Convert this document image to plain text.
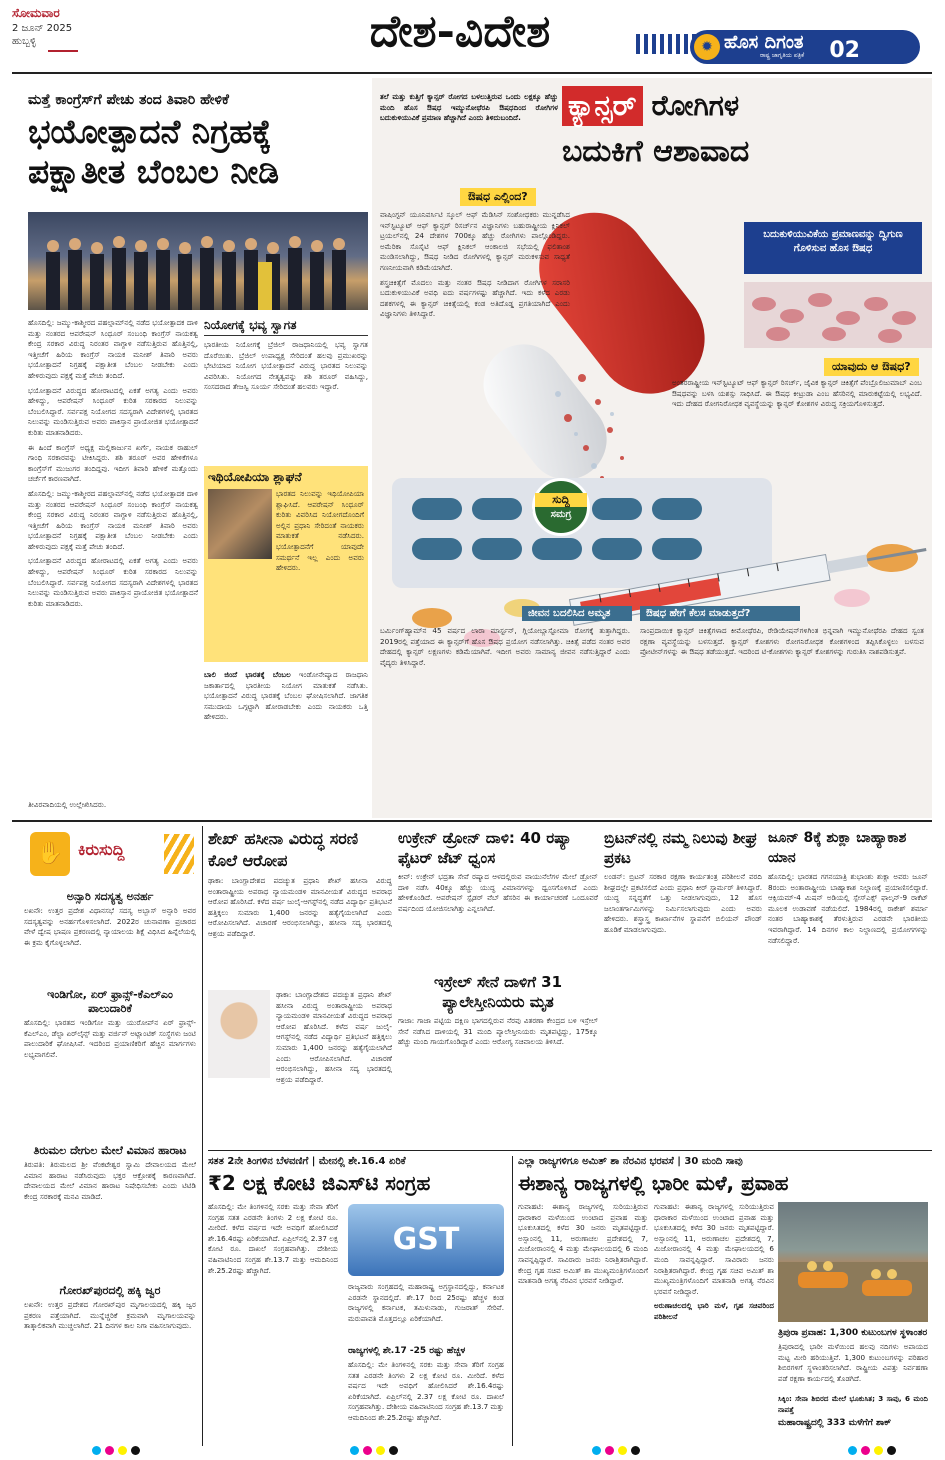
ಸೋಮವಾರ
2 ಜೂನ್ 2025
ಹುಬ್ಬಳ್ಳಿ	ದೇಶ-ವಿದೇಶ	✹ ಹೊಸ ದಿಗಂತ
ರಾಷ್ಟ್ರ ಜಾಗೃತಿಯ ಪತ್ರಿಕೆ 02
ಮತ್ತೆ ಕಾಂಗ್ರೆಸ್‌ಗೆ ಪೇಚು ತಂದ ತಿವಾರಿ ಹೇಳಿಕೆ
ಭಯೋತ್ಪಾದನೆ ನಿಗ್ರಹಕ್ಕೆ
ಪಕ್ಷಾತೀತ ಬೆಂಬಲ ನೀಡಿ

ಹೊಸದಿಲ್ಲಿ: ಜಮ್ಮು-ಕಾಶ್ಮೀರದ ಪಹಲ್ಗಾಮ್‌ನಲ್ಲಿ ನಡೆದ ಭಯೋತ್ಪಾದಕ ದಾಳಿ ಮತ್ತು ನಂತರದ ಆಪರೇಷನ್ ಸಿಂಧೂರ್ ಸಂಬಂಧಿ ಕಾಂಗ್ರೆಸ್ ನಾಯಕತ್ವ ಕೇಂದ್ರ ಸರಕಾರ ವಿರುದ್ಧ ನಿರಂತರ ವಾಗ್ದಾಳಿ ನಡೆಸುತ್ತಿರುವ ಹೊತ್ತಿನಲ್ಲಿ, ಇತ್ತೀಚೆಗೆ ಹಿರಿಯ ಕಾಂಗ್ರೆಸ್ ನಾಯಕ ಮನೀಶ್ ತಿವಾರಿ ಅವರು ಭಯೋತ್ಪಾದನೆ ನಿಗ್ರಹಕ್ಕೆ ಪಕ್ಷಾತೀತ ಬೆಂಬಲ ನೀಡಬೇಕು ಎಂದು ಹೇಳಿರುವುದು ಪಕ್ಷಕ್ಕೆ ಮತ್ತೆ ಪೇಚು ತಂದಿದೆ.

ಭಯೋತ್ಪಾದನೆ ವಿರುದ್ಧದ ಹೋರಾಟದಲ್ಲಿ ಏಕತೆ ಅಗತ್ಯ ಎಂದು ಅವರು ಹೇಳಿದ್ದು, ಆಪರೇಷನ್ ಸಿಂಧೂರ್ ಕುರಿತ ಸರಕಾರದ ನಿಲುವನ್ನು ಬೆಂಬಲಿಸಿದ್ದಾರೆ. ಸರ್ವಪಕ್ಷ ನಿಯೋಗದ ಸದಸ್ಯರಾಗಿ ವಿದೇಶಗಳಲ್ಲಿ ಭಾರತದ ನಿಲುವನ್ನು ಮಂಡಿಸುತ್ತಿರುವ ಅವರು ಪಾಕಿಸ್ತಾನ ಪ್ರಾಯೋಜಿತ ಭಯೋತ್ಪಾದನೆ ಕುರಿತು ಮಾತನಾಡಿದರು.

ಈ ಹಿಂದೆ ಕಾಂಗ್ರೆಸ್ ಅಧ್ಯಕ್ಷ ಮಲ್ಲಿಕಾರ್ಜುನ ಖರ್ಗೆ, ನಾಯಕ ರಾಹುಲ್ ಗಾಂಧಿ ಸರಕಾರವನ್ನು ಟೀಕಿಸಿದ್ದರು. ಶಶಿ ತರೂರ್ ಅವರ ಹೇಳಿಕೆಗಳೂ ಕಾಂಗ್ರೆಸ್‌ಗೆ ಮುಜುಗರ ತಂದಿದ್ದವು. ಇದೀಗ ತಿವಾರಿ ಹೇಳಿಕೆ ಮತ್ತೊಂದು ಚರ್ಚೆಗೆ ಕಾರಣವಾಗಿದೆ.

ಹೊಸದಿಲ್ಲಿ: ಜಮ್ಮು-ಕಾಶ್ಮೀರದ ಪಹಲ್ಗಾಮ್‌ನಲ್ಲಿ ನಡೆದ ಭಯೋತ್ಪಾದಕ ದಾಳಿ ಮತ್ತು ನಂತರದ ಆಪರೇಷನ್ ಸಿಂಧೂರ್ ಸಂಬಂಧಿ ಕಾಂಗ್ರೆಸ್ ನಾಯಕತ್ವ ಕೇಂದ್ರ ಸರಕಾರ ವಿರುದ್ಧ ನಿರಂತರ ವಾಗ್ದಾಳಿ ನಡೆಸುತ್ತಿರುವ ಹೊತ್ತಿನಲ್ಲಿ, ಇತ್ತೀಚೆಗೆ ಹಿರಿಯ ಕಾಂಗ್ರೆಸ್ ನಾಯಕ ಮನೀಶ್ ತಿವಾರಿ ಅವರು ಭಯೋತ್ಪಾದನೆ ನಿಗ್ರಹಕ್ಕೆ ಪಕ್ಷಾತೀತ ಬೆಂಬಲ ನೀಡಬೇಕು ಎಂದು ಹೇಳಿರುವುದು ಪಕ್ಷಕ್ಕೆ ಮತ್ತೆ ಪೇಚು ತಂದಿದೆ.

ಭಯೋತ್ಪಾದನೆ ವಿರುದ್ಧದ ಹೋರಾಟದಲ್ಲಿ ಏಕತೆ ಅಗತ್ಯ ಎಂದು ಅವರು ಹೇಳಿದ್ದು, ಆಪರೇಷನ್ ಸಿಂಧೂರ್ ಕುರಿತ ಸರಕಾರದ ನಿಲುವನ್ನು ಬೆಂಬಲಿಸಿದ್ದಾರೆ. ಸರ್ವಪಕ್ಷ ನಿಯೋಗದ ಸದಸ್ಯರಾಗಿ ವಿದೇಶಗಳಲ್ಲಿ ಭಾರತದ ನಿಲುವನ್ನು ಮಂಡಿಸುತ್ತಿರುವ ಅವರು ಪಾಕಿಸ್ತಾನ ಪ್ರಾಯೋಜಿತ ಭಯೋತ್ಪಾದನೆ ಕುರಿತು ಮಾತನಾಡಿದರು.

ನಿಯೋಗಕ್ಕೆ ಭವ್ಯ ಸ್ವಾಗತ
ಭಾರತೀಯ ನಿಯೋಗಕ್ಕೆ ಬ್ರೆಜಿಲ್ ರಾಜಧಾನಿಯಲ್ಲಿ ಭವ್ಯ ಸ್ವಾಗತ ದೊರೆಯಿತು. ಬ್ರೆಜಿಲ್ ಉಪಾಧ್ಯಕ್ಷ ಸೇರಿದಂತೆ ಹಲವು ಪ್ರಮುಖರನ್ನು ಭೇಟಿಯಾದ ನಿಯೋಗ ಭಯೋತ್ಪಾದನೆ ವಿರುದ್ಧ ಭಾರತದ ನಿಲುವನ್ನು ವಿವರಿಸಿತು. ನಿಯೋಗದ ನೇತೃತ್ವವನ್ನು ಶಶಿ ತರೂರ್ ವಹಿಸಿದ್ದು, ಸಂಸದರಾದ ತೇಜಸ್ವಿ ಸೂರ್ಯ ಸೇರಿದಂತೆ ಹಲವರು ಇದ್ದಾರೆ.
ಇಥಿಯೋಪಿಯಾ ಶ್ಲಾಘನೆ
ಭಾರತದ ನಿಲುವನ್ನು ಇಥಿಯೋಪಿಯಾ ಶ್ಲಾಘಿಸಿದೆ. ಆಪರೇಷನ್ ಸಿಂಧೂರ್ ಕುರಿತು ವಿವರಿಸಿದ ನಿಯೋಗದೊಂದಿಗೆ ಅಲ್ಲಿನ ಪ್ರಧಾನಿ ಸೇರಿದಂತೆ ನಾಯಕರು ಮಾತುಕತೆ ನಡೆಸಿದರು. ಭಯೋತ್ಪಾದನೆಗೆ ಯಾವುದೇ ಸಮರ್ಥನೆ ಇಲ್ಲ ಎಂದು ಅವರು ಹೇಳಿದರು.
ಬಾಲಿ ಜಿಂದೆ ಭಾರತಕ್ಕೆ ಬೆಂಬಲ ಇಂಡೋನೇಷ್ಯಾದ ರಾಜಧಾನಿ ಜಕಾರ್ತಾದಲ್ಲಿ ಭಾರತೀಯ ನಿಯೋಗ ಮಾತುಕತೆ ನಡೆಸಿತು. ಭಯೋತ್ಪಾದನೆ ವಿರುದ್ಧ ಭಾರತಕ್ಕೆ ಬೆಂಬಲ ಘೋಷಿಸಲಾಗಿದೆ. ಜಾಗತಿಕ ಸಮುದಾಯ ಒಗ್ಗಟ್ಟಾಗಿ ಹೋರಾಡಬೇಕು ಎಂದು ನಾಯಕರು ಒತ್ತಿ ಹೇಳಿದರು.
ತೀವಿರವಾದಿಯಲ್ಲಿ ಉಲ್ಲೇಖಿಸಿದರು.
ತಲೆ ಮತ್ತು ಕುತ್ತಿಗೆ ಕ್ಯಾನ್ಸರ್ ರೋಗದ ಬಳಲುತ್ತಿರುವ ಒಂದು ಲಕ್ಷಕ್ಕೂ ಹೆಚ್ಚು ಮಂದಿ ಹೊಸ ಔಷಧ ಇಮ್ಯುನೋಥೆರಪಿ ಔಷಧದಿಂದ ರೋಗಿಗಳ ಬದುಕುಳಿಯುವಿಕೆ ಪ್ರಮಾಣ ಹೆಚ್ಚಾಗಿದೆ ಎಂದು ತಿಳಿದುಬಂದಿದೆ.	ಕ್ಯಾನ್ಸರ್ ರೋಗಿಗಳ
ಬದುಕಿಗೆ ಆಶಾವಾದ
ಔಷಧ ಎಲ್ಲಿಂದ?

ವಾಷಿಂಗ್ಟನ್ ಯೂನಿವರ್ಸಿಟಿ ಸ್ಕೂಲ್ ಆಫ್ ಮೆಡಿಸಿನ್ ಸಂಶೋಧಕರು ಮುನ್ನಡೆಸಿದ ಇನ್‌ಸ್ಟಿಟ್ಯೂಟ್ ಆಫ್ ಕ್ಯಾನ್ಸರ್ ರಿಸರ್ಚ್‌ನ ವಿಜ್ಞಾನಿಗಳು ಬಹುರಾಷ್ಟ್ರೀಯ ಕ್ಲಿನಿಕಲ್ ಟ್ರಯಲ್‌ನಲ್ಲಿ 24 ದೇಶಗಳ 700ಕ್ಕೂ ಹೆಚ್ಚು ರೋಗಿಗಳು ಪಾಲ್ಗೊಂಡಿದ್ದರು. ಅಮೆರಿಕಾ ಸೊಸೈಟಿ ಆಫ್ ಕ್ಲಿನಿಕಲ್ ಆಂಕಾಲಜಿ ಸಭೆಯಲ್ಲಿ ಫಲಿತಾಂಶ ಮಂಡಿಸಲಾಗಿದ್ದು, ಔಷಧ ನೀಡಿದ ರೋಗಿಗಳಲ್ಲಿ ಕ್ಯಾನ್ಸರ್ ಮರುಕಳಿಸುವ ಸಾಧ್ಯತೆ ಗಣನೀಯವಾಗಿ ಕಡಿಮೆಯಾಗಿದೆ.

ಶಸ್ತ್ರಚಿಕಿತ್ಸೆಗೆ ಮೊದಲು ಮತ್ತು ನಂತರ ಔಷಧ ನೀಡಿದಾಗ ರೋಗಿಗಳ ಸರಾಸರಿ ಬದುಕುಳಿಯುವಿಕೆ ಅವಧಿ ಐದು ವರ್ಷಗಳಷ್ಟು ಹೆಚ್ಚಾಗಿದೆ. ಇದು ಕಳೆದ ಎರಡು ದಶಕಗಳಲ್ಲಿ ಈ ಕ್ಯಾನ್ಸರ್ ಚಿಕಿತ್ಸೆಯಲ್ಲಿ ಕಂಡ ಅತಿದೊಡ್ಡ ಪ್ರಗತಿಯಾಗಿದೆ ಎಂದು ವಿಜ್ಞಾನಿಗಳು ತಿಳಿಸಿದ್ದಾರೆ.

ಬದುಕುಳಿಯುವಿಕೆಯ ಪ್ರಮಾಣವನ್ನು ದ್ವಿಗುಣ ಗೊಳಿಸುವ ಹೊಸ ಔಷಧ
ಯಾವುದು ಆ ಔಷಧ?
ಅಂತರರಾಷ್ಟ್ರೀಯ ಇನ್‌ಸ್ಟಿಟ್ಯೂಟ್ ಆಫ್ ಕ್ಯಾನ್ಸರ್ ರಿಸರ್ಚ್, ಜೈವಿಕ ಕ್ಯಾನ್ಸರ್ ಚಿಕಿತ್ಸೆಗೆ ಪೆಂಬ್ರೊಲಿಜುಮಾಬ್ ಎಂಬ ಔಷಧವನ್ನು ಬಳಸಿ ಯಶಸ್ಸು ಸಾಧಿಸಿದೆ. ಈ ಔಷಧ ಕೀಟ್ರುಡಾ ಎಂಬ ಹೆಸರಿನಲ್ಲಿ ಮಾರುಕಟ್ಟೆಯಲ್ಲಿ ಲಭ್ಯವಿದೆ. ಇದು ದೇಹದ ರೋಗನಿರೋಧಕ ವ್ಯವಸ್ಥೆಯನ್ನು ಕ್ಯಾನ್ಸರ್ ಕೋಶಗಳ ವಿರುದ್ಧ ಸಕ್ರಿಯಗೊಳಿಸುತ್ತದೆ.
ಸುದ್ದಿ
ಸಮಗ್ರ
ಜೀವನ ಬದಲಿಸಿದ ಅಮೃತ	ಔಷಧ ಹೇಗೆ ಕೆಲಸ ಮಾಡುತ್ತದೆ?
ಬರ್ಮಿಂಗ್‌ಹ್ಯಾಮ್‌ನ 45 ವರ್ಷದ ಲಾರಾ ಮಾರ್ಸ್ಟನ್, ಗ್ಲಿಯೋಬ್ಲಾಸ್ಟೋಮಾ ರೋಗಕ್ಕೆ ತುತ್ತಾಗಿದ್ದರು. 2019ರಲ್ಲಿ ಪತ್ತೆಯಾದ ಈ ಕ್ಯಾನ್ಸರ್‌ಗೆ ಹೊಸ ಔಷಧ ಪ್ರಯೋಗ ನಡೆಸಲಾಗಿತ್ತು. ಚಿಕಿತ್ಸೆ ಪಡೆದ ನಂತರ ಅವರ ದೇಹದಲ್ಲಿ ಕ್ಯಾನ್ಸರ್ ಲಕ್ಷಣಗಳು ಕಡಿಮೆಯಾಗಿವೆ. ಇದೀಗ ಅವರು ಸಾಮಾನ್ಯ ಜೀವನ ನಡೆಸುತ್ತಿದ್ದಾರೆ ಎಂದು ವೈದ್ಯರು ತಿಳಿಸಿದ್ದಾರೆ.
ಸಾಂಪ್ರದಾಯಿಕ ಕ್ಯಾನ್ಸರ್ ಚಿಕಿತ್ಸೆಗಳಾದ ಕೀಮೋಥೆರಪಿ, ರೇಡಿಯೇಷನ್‌ಗಳಿಗಿಂತ ಭಿನ್ನವಾಗಿ ಇಮ್ಯುನೋಥೆರಪಿ ದೇಹದ ಸ್ವಂತ ರಕ್ಷಣಾ ವ್ಯವಸ್ಥೆಯನ್ನು ಬಳಸುತ್ತದೆ. ಕ್ಯಾನ್ಸರ್ ಕೋಶಗಳು ರೋಗನಿರೋಧಕ ಕೋಶಗಳಿಂದ ತಪ್ಪಿಸಿಕೊಳ್ಳಲು ಬಳಸುವ ಪ್ರೋಟೀನ್‌ಗಳನ್ನು ಈ ಔಷಧ ತಡೆಯುತ್ತದೆ. ಇದರಿಂದ ಟಿ-ಕೋಶಗಳು ಕ್ಯಾನ್ಸರ್ ಕೋಶಗಳನ್ನು ಗುರುತಿಸಿ ನಾಶಪಡಿಸುತ್ತವೆ.
✋ ಕಿರುಸುದ್ದಿ
ಅನ್ಸಾರಿ ಸದಸ್ಯತ್ವ ಅನರ್ಹ
ಲಖನೌ: ಉತ್ತರ ಪ್ರದೇಶ ವಿಧಾನಸಭೆ ಸದಸ್ಯ ಅಬ್ಬಾಸ್ ಅನ್ಸಾರಿ ಅವರ ಸದಸ್ಯತ್ವವನ್ನು ಅನರ್ಹಗೊಳಿಸಲಾಗಿದೆ. 2022ರ ಚುನಾವಣಾ ಪ್ರಚಾರದ ವೇಳೆ ದ್ವೇಷ ಭಾಷಣ ಪ್ರಕರಣದಲ್ಲಿ ನ್ಯಾಯಾಲಯ ಶಿಕ್ಷೆ ವಿಧಿಸಿದ ಹಿನ್ನೆಲೆಯಲ್ಲಿ ಈ ಕ್ರಮ ಕೈಗೊಳ್ಳಲಾಗಿದೆ.
ಇಂಡಿಗೋ, ಏರ್ ಫ್ರಾನ್ಸ್-ಕೆಎಲ್‌ಎಂ ಪಾಲುದಾರಿಕೆ
ಹೊಸದಿಲ್ಲಿ: ಭಾರತದ ಇಂಡಿಗೋ ಮತ್ತು ಯುರೋಪ್‌ನ ಏರ್ ಫ್ರಾನ್ಸ್-ಕೆಎಲ್‌ಎಂ, ಡೆಲ್ಟಾ ಏರ್‌ಲೈನ್ಸ್ ಮತ್ತು ವರ್ಜಿನ್ ಅಟ್ಲಾಂಟಿಕ್ ಸಂಸ್ಥೆಗಳು ಜಂಟಿ ಪಾಲುದಾರಿಕೆ ಘೋಷಿಸಿವೆ. ಇದರಿಂದ ಪ್ರಯಾಣಿಕರಿಗೆ ಹೆಚ್ಚಿನ ಮಾರ್ಗಗಳು ಲಭ್ಯವಾಗಲಿವೆ.
ತಿರುಮಲ ದೇಗುಲ ಮೇಲೆ ವಿಮಾನ ಹಾರಾಟ
ತಿರುಪತಿ: ತಿರುಮಲದ ಶ್ರೀ ವೆಂಕಟೇಶ್ವರ ಸ್ವಾಮಿ ದೇವಾಲಯದ ಮೇಲೆ ವಿಮಾನ ಹಾರಾಟ ನಡೆಸಿರುವುದು ಭಕ್ತರ ಆಕ್ರೋಶಕ್ಕೆ ಕಾರಣವಾಗಿದೆ. ದೇವಾಲಯದ ಮೇಲೆ ವಿಮಾನ ಹಾರಾಟ ನಿಷೇಧಿಸಬೇಕು ಎಂದು ಟಿಟಿಡಿ ಕೇಂದ್ರ ಸರಕಾರಕ್ಕೆ ಮನವಿ ಮಾಡಿದೆ.
ಗೋರಖ್‌ಪುರದಲ್ಲಿ ಹಕ್ಕಿ ಜ್ವರ
ಲಖನೌ: ಉತ್ತರ ಪ್ರದೇಶದ ಗೋರಖ್‌ಪುರ ಮೃಗಾಲಯದಲ್ಲಿ ಹಕ್ಕಿ ಜ್ವರ ಪ್ರಕರಣ ಪತ್ತೆಯಾಗಿದೆ. ಮುನ್ನೆಚ್ಚರಿಕೆ ಕ್ರಮವಾಗಿ ಮೃಗಾಲಯವನ್ನು ತಾತ್ಕಾಲಿಕವಾಗಿ ಮುಚ್ಚಲಾಗಿದೆ. 21 ದಿನಗಳ ಕಾಲ ನಿಗಾ ವಹಿಸಲಾಗುವುದು.
ಶೇಖ್ ಹಸೀನಾ ವಿರುದ್ಧ ಸರಣಿ ಕೊಲೆ ಆರೋಪ
ಢಾಕಾ: ಬಾಂಗ್ಲಾದೇಶದ ಪದಚ್ಯುತ ಪ್ರಧಾನಿ ಶೇಖ್ ಹಸೀನಾ ವಿರುದ್ಧ ಅಂತಾರಾಷ್ಟ್ರೀಯ ಅಪರಾಧ ನ್ಯಾಯಮಂಡಳಿ ಮಾನವೀಯತೆ ವಿರುದ್ಧದ ಅಪರಾಧ ಆರೋಪ ಹೊರಿಸಿದೆ. ಕಳೆದ ವರ್ಷ ಜುಲೈ-ಆಗಸ್ಟ್‌ನಲ್ಲಿ ನಡೆದ ವಿದ್ಯಾರ್ಥಿ ಪ್ರತಿಭಟನೆ ಹತ್ತಿಕ್ಕಲು ಸುಮಾರು 1,400 ಜನರನ್ನು ಹತ್ಯೆಗೈಯಲಾಗಿದೆ ಎಂದು ಆರೋಪಿಸಲಾಗಿದೆ. ವಿಚಾರಣೆ ಆರಂಭಿಸಲಾಗಿದ್ದು, ಹಸೀನಾ ಸದ್ಯ ಭಾರತದಲ್ಲಿ ಆಶ್ರಯ ಪಡೆದಿದ್ದಾರೆ.
ಢಾಕಾ: ಬಾಂಗ್ಲಾದೇಶದ ಪದಚ್ಯುತ ಪ್ರಧಾನಿ ಶೇಖ್ ಹಸೀನಾ ವಿರುದ್ಧ ಅಂತಾರಾಷ್ಟ್ರೀಯ ಅಪರಾಧ ನ್ಯಾಯಮಂಡಳಿ ಮಾನವೀಯತೆ ವಿರುದ್ಧದ ಅಪರಾಧ ಆರೋಪ ಹೊರಿಸಿದೆ. ಕಳೆದ ವರ್ಷ ಜುಲೈ-ಆಗಸ್ಟ್‌ನಲ್ಲಿ ನಡೆದ ವಿದ್ಯಾರ್ಥಿ ಪ್ರತಿಭಟನೆ ಹತ್ತಿಕ್ಕಲು ಸುಮಾರು 1,400 ಜನರನ್ನು ಹತ್ಯೆಗೈಯಲಾಗಿದೆ ಎಂದು ಆರೋಪಿಸಲಾಗಿದೆ. ವಿಚಾರಣೆ ಆರಂಭಿಸಲಾಗಿದ್ದು, ಹಸೀನಾ ಸದ್ಯ ಭಾರತದಲ್ಲಿ ಆಶ್ರಯ ಪಡೆದಿದ್ದಾರೆ.
ಉಕ್ರೇನ್ ಡ್ರೋನ್ ದಾಳಿ: 40 ರಷ್ಯಾ ಫೈಟರ್ ಜೆಟ್ ಧ್ವಂಸ
ಕೀವ್: ಉಕ್ರೇನ್ ಭದ್ರತಾ ಸೇವೆ ರಷ್ಯಾದ ಆಳದಲ್ಲಿರುವ ವಾಯುನೆಲೆಗಳ ಮೇಲೆ ಡ್ರೋನ್ ದಾಳಿ ನಡೆಸಿ 40ಕ್ಕೂ ಹೆಚ್ಚು ಯುದ್ಧ ವಿಮಾನಗಳನ್ನು ಧ್ವಂಸಗೊಳಿಸಿದೆ ಎಂದು ಹೇಳಿಕೊಂಡಿದೆ. ಆಪರೇಷನ್ ಸ್ಪೈಡರ್ ವೆಬ್ ಹೆಸರಿನ ಈ ಕಾರ್ಯಾಚರಣೆ ಒಂದೂವರೆ ವರ್ಷದಿಂದ ಯೋಜಿಸಲಾಗಿತ್ತು ಎನ್ನಲಾಗಿದೆ.
ಇಸ್ರೇಲ್ ಸೇನೆ ದಾಳಿಗೆ 31 ಪ್ಯಾಲೇಸ್ತೀನಿಯರು ಮೃತ
ಗಾಜಾ: ಗಾಜಾ ಪಟ್ಟಿಯ ದಕ್ಷಿಣ ಭಾಗದಲ್ಲಿರುವ ನೆರವು ವಿತರಣಾ ಕೇಂದ್ರದ ಬಳಿ ಇಸ್ರೇಲ್ ಸೇನೆ ನಡೆಸಿದ ದಾಳಿಯಲ್ಲಿ 31 ಮಂದಿ ಪ್ಯಾಲೇಸ್ತೀನಿಯರು ಮೃತಪಟ್ಟಿದ್ದು, 175ಕ್ಕೂ ಹೆಚ್ಚು ಮಂದಿ ಗಾಯಗೊಂಡಿದ್ದಾರೆ ಎಂದು ಆರೋಗ್ಯ ಸಚಿವಾಲಯ ತಿಳಿಸಿದೆ.
ಬ್ರಿಟನ್‌ನಲ್ಲಿ ನಮ್ಮ ನಿಲುವು ಶೀಘ್ರ ಪ್ರಕಟ
ಲಂಡನ್: ಬ್ರಿಟನ್ ಸರಕಾರ ರಕ್ಷಣಾ ಕಾರ್ಯತಂತ್ರ ಪರಿಶೀಲನೆ ವರದಿ ಶೀಘ್ರದಲ್ಲೇ ಪ್ರಕಟಿಸಲಿದೆ ಎಂದು ಪ್ರಧಾನಿ ಕೀರ್ ಸ್ಟಾರ್ಮರ್ ತಿಳಿಸಿದ್ದಾರೆ. ಯುದ್ಧ ಸನ್ನದ್ಧತೆಗೆ ಒತ್ತು ನೀಡಲಾಗುವುದು, 12 ಹೊಸ ಜಲಾಂತರ್ಗಾಮಿಗಳನ್ನು ನಿರ್ಮಿಸಲಾಗುವುದು ಎಂದು ಅವರು ಹೇಳಿದರು. ಶಸ್ತ್ರಾಸ್ತ್ರ ಕಾರ್ಖಾನೆಗಳ ಸ್ಥಾಪನೆಗೆ ಬಿಲಿಯನ್ ಪೌಂಡ್ ಹೂಡಿಕೆ ಮಾಡಲಾಗುವುದು.
ಜೂನ್ 8ಕ್ಕೆ ಶುಕ್ಲಾ ಬಾಹ್ಯಾಕಾಶ ಯಾನ
ಹೊಸದಿಲ್ಲಿ: ಭಾರತದ ಗಗನಯಾತ್ರಿ ಶುಭಾಂಶು ಶುಕ್ಲಾ ಅವರು ಜೂನ್ 8ರಂದು ಅಂತಾರಾಷ್ಟ್ರೀಯ ಬಾಹ್ಯಾಕಾಶ ನಿಲ್ದಾಣಕ್ಕೆ ಪ್ರಯಾಣಿಸಲಿದ್ದಾರೆ. ಆಕ್ಸಿಯಮ್-4 ಮಿಷನ್ ಅಡಿಯಲ್ಲಿ ಸ್ಪೇಸ್‌ಎಕ್ಸ್ ಫಾಲ್ಕನ್-9 ರಾಕೆಟ್ ಮೂಲಕ ಉಡಾವಣೆ ನಡೆಯಲಿದೆ. 1984ರಲ್ಲಿ ರಾಕೇಶ್ ಶರ್ಮಾ ನಂತರ ಬಾಹ್ಯಾಕಾಶಕ್ಕೆ ತೆರಳುತ್ತಿರುವ ಎರಡನೇ ಭಾರತೀಯ ಇವರಾಗಿದ್ದಾರೆ. 14 ದಿನಗಳ ಕಾಲ ನಿಲ್ದಾಣದಲ್ಲಿ ಪ್ರಯೋಗಗಳನ್ನು ನಡೆಸಲಿದ್ದಾರೆ.
ಸತತ 2ನೇ ತಿಂಗಳಿನ ಬೆಳವಣಿಗೆ | ಮೇನಲ್ಲಿ ಶೇ.16.4 ಏರಿಕೆ
₹2 ಲಕ್ಷ ಕೋಟಿ ಜಿಎಸ್‌ಟಿ ಸಂಗ್ರಹ
ಹೊಸದಿಲ್ಲಿ: ಮೇ ತಿಂಗಳಿನಲ್ಲಿ ಸರಕು ಮತ್ತು ಸೇವಾ ತೆರಿಗೆ ಸಂಗ್ರಹ ಸತತ ಎರಡನೇ ತಿಂಗಳು 2 ಲಕ್ಷ ಕೋಟಿ ರೂ. ಮೀರಿದೆ. ಕಳೆದ ವರ್ಷದ ಇದೇ ಅವಧಿಗೆ ಹೋಲಿಸಿದರೆ ಶೇ.16.4ರಷ್ಟು ಏರಿಕೆಯಾಗಿದೆ. ಏಪ್ರಿಲ್‌ನಲ್ಲಿ 2.37 ಲಕ್ಷ ಕೋಟಿ ರೂ. ದಾಖಲೆ ಸಂಗ್ರಹವಾಗಿತ್ತು. ದೇಶೀಯ ವಹಿವಾಟಿನಿಂದ ಸಂಗ್ರಹ ಶೇ.13.7 ಮತ್ತು ಆಮದಿನಿಂದ ಶೇ.25.2ರಷ್ಟು ಹೆಚ್ಚಾಗಿದೆ.
GST
ರಾಜ್ಯವಾರು ಸಂಗ್ರಹದಲ್ಲಿ ಮಹಾರಾಷ್ಟ್ರ ಅಗ್ರಸ್ಥಾನದಲ್ಲಿದ್ದು, ಕರ್ನಾಟಕ ಎರಡನೇ ಸ್ಥಾನದಲ್ಲಿದೆ. ಶೇ.17 ರಿಂದ 25ರಷ್ಟು ಹೆಚ್ಚಳ ಕಂಡ ರಾಜ್ಯಗಳಲ್ಲಿ ಕರ್ನಾಟಕ, ತಮಿಳುನಾಡು, ಗುಜರಾತ್ ಸೇರಿವೆ. ಮರುಪಾವತಿ ಮೊತ್ತದಲ್ಲೂ ಏರಿಕೆಯಾಗಿದೆ.
ರಾಜ್ಯಗಳಲ್ಲಿ ಶೇ.17 -25 ರಷ್ಟು ಹೆಚ್ಚಳ
ಹೊಸದಿಲ್ಲಿ: ಮೇ ತಿಂಗಳಿನಲ್ಲಿ ಸರಕು ಮತ್ತು ಸೇವಾ ತೆರಿಗೆ ಸಂಗ್ರಹ ಸತತ ಎರಡನೇ ತಿಂಗಳು 2 ಲಕ್ಷ ಕೋಟಿ ರೂ. ಮೀರಿದೆ. ಕಳೆದ ವರ್ಷದ ಇದೇ ಅವಧಿಗೆ ಹೋಲಿಸಿದರೆ ಶೇ.16.4ರಷ್ಟು ಏರಿಕೆಯಾಗಿದೆ. ಏಪ್ರಿಲ್‌ನಲ್ಲಿ 2.37 ಲಕ್ಷ ಕೋಟಿ ರೂ. ದಾಖಲೆ ಸಂಗ್ರಹವಾಗಿತ್ತು. ದೇಶೀಯ ವಹಿವಾಟಿನಿಂದ ಸಂಗ್ರಹ ಶೇ.13.7 ಮತ್ತು ಆಮದಿನಿಂದ ಶೇ.25.2ರಷ್ಟು ಹೆಚ್ಚಾಗಿದೆ.
ಎಲ್ಲಾ ರಾಜ್ಯಗಳಿಗೂ ಅಮಿತ್ ಶಾ ನೆರವಿನ ಭರವಸೆ | 30 ಮಂದಿ ಸಾವು
ಈಶಾನ್ಯ ರಾಜ್ಯಗಳಲ್ಲಿ ಭಾರೀ ಮಳೆ, ಪ್ರವಾಹ
ಗುವಾಹಟಿ: ಈಶಾನ್ಯ ರಾಜ್ಯಗಳಲ್ಲಿ ಸುರಿಯುತ್ತಿರುವ ಧಾರಾಕಾರ ಮಳೆಯಿಂದ ಉಂಟಾದ ಪ್ರವಾಹ ಮತ್ತು ಭೂಕುಸಿತದಲ್ಲಿ ಕಳೆದ 30 ಜನರು ಮೃತಪಟ್ಟಿದ್ದಾರೆ. ಅಸ್ಸಾಂನಲ್ಲಿ 11, ಅರುಣಾಚಲ ಪ್ರದೇಶದಲ್ಲಿ 7, ಮಿಜೋರಾಂನಲ್ಲಿ 4 ಮತ್ತು ಮೇಘಾಲಯದಲ್ಲಿ 6 ಮಂದಿ ಸಾವನ್ನಪ್ಪಿದ್ದಾರೆ. ಸಾವಿರಾರು ಜನರು ನಿರಾಶ್ರಿತರಾಗಿದ್ದಾರೆ. ಕೇಂದ್ರ ಗೃಹ ಸಚಿವ ಅಮಿತ್ ಶಾ ಮುಖ್ಯಮಂತ್ರಿಗಳೊಂದಿಗೆ ಮಾತನಾಡಿ ಅಗತ್ಯ ನೆರವಿನ ಭರವಸೆ ನೀಡಿದ್ದಾರೆ.

ಗುವಾಹಟಿ: ಈಶಾನ್ಯ ರಾಜ್ಯಗಳಲ್ಲಿ ಸುರಿಯುತ್ತಿರುವ ಧಾರಾಕಾರ ಮಳೆಯಿಂದ ಉಂಟಾದ ಪ್ರವಾಹ ಮತ್ತು ಭೂಕುಸಿತದಲ್ಲಿ ಕಳೆದ 30 ಜನರು ಮೃತಪಟ್ಟಿದ್ದಾರೆ. ಅಸ್ಸಾಂನಲ್ಲಿ 11, ಅರುಣಾಚಲ ಪ್ರದೇಶದಲ್ಲಿ 7, ಮಿಜೋರಾಂನಲ್ಲಿ 4 ಮತ್ತು ಮೇಘಾಲಯದಲ್ಲಿ 6 ಮಂದಿ ಸಾವನ್ನಪ್ಪಿದ್ದಾರೆ. ಸಾವಿರಾರು ಜನರು ನಿರಾಶ್ರಿತರಾಗಿದ್ದಾರೆ. ಕೇಂದ್ರ ಗೃಹ ಸಚಿವ ಅಮಿತ್ ಶಾ ಮುಖ್ಯಮಂತ್ರಿಗಳೊಂದಿಗೆ ಮಾತನಾಡಿ ಅಗತ್ಯ ನೆರವಿನ ಭರವಸೆ ನೀಡಿದ್ದಾರೆ.

ಅರುಣಾಚಲದಲ್ಲಿ ಭಾರಿ ಮಳೆ, ಗೃಹ ಸಚಿವರಿಂದ ಪರಿಶೀಲನೆ

ತ್ರಿಪುರಾ ಪ್ರವಾಹ: 1,300 ಕುಟುಂಬಗಳ ಸ್ಥಳಾಂತರ
ತ್ರಿಪುರಾದಲ್ಲಿ ಭಾರೀ ಮಳೆಯಿಂದ ಹಲವು ನದಿಗಳು ಅಪಾಯದ ಮಟ್ಟ ಮೀರಿ ಹರಿಯುತ್ತಿವೆ. 1,300 ಕುಟುಂಬಗಳನ್ನು ಪರಿಹಾರ ಶಿಬಿರಗಳಿಗೆ ಸ್ಥಳಾಂತರಿಸಲಾಗಿದೆ. ರಾಷ್ಟ್ರೀಯ ವಿಪತ್ತು ನಿರ್ವಹಣಾ ಪಡೆ ರಕ್ಷಣಾ ಕಾರ್ಯದಲ್ಲಿ ತೊಡಗಿದೆ.
ಸಿಕ್ಕಿಂ: ಸೇನಾ ಶಿಬಿರದ ಮೇಲೆ ಭೂಕುಸಿತ; 3 ಸಾವು, 6 ಮಂದಿ ನಾಪತ್ತೆ
ಮಹಾರಾಷ್ಟ್ರದಲ್ಲಿ 333 ಮಳೆಗೆಗೆ ಶಾಕ್
